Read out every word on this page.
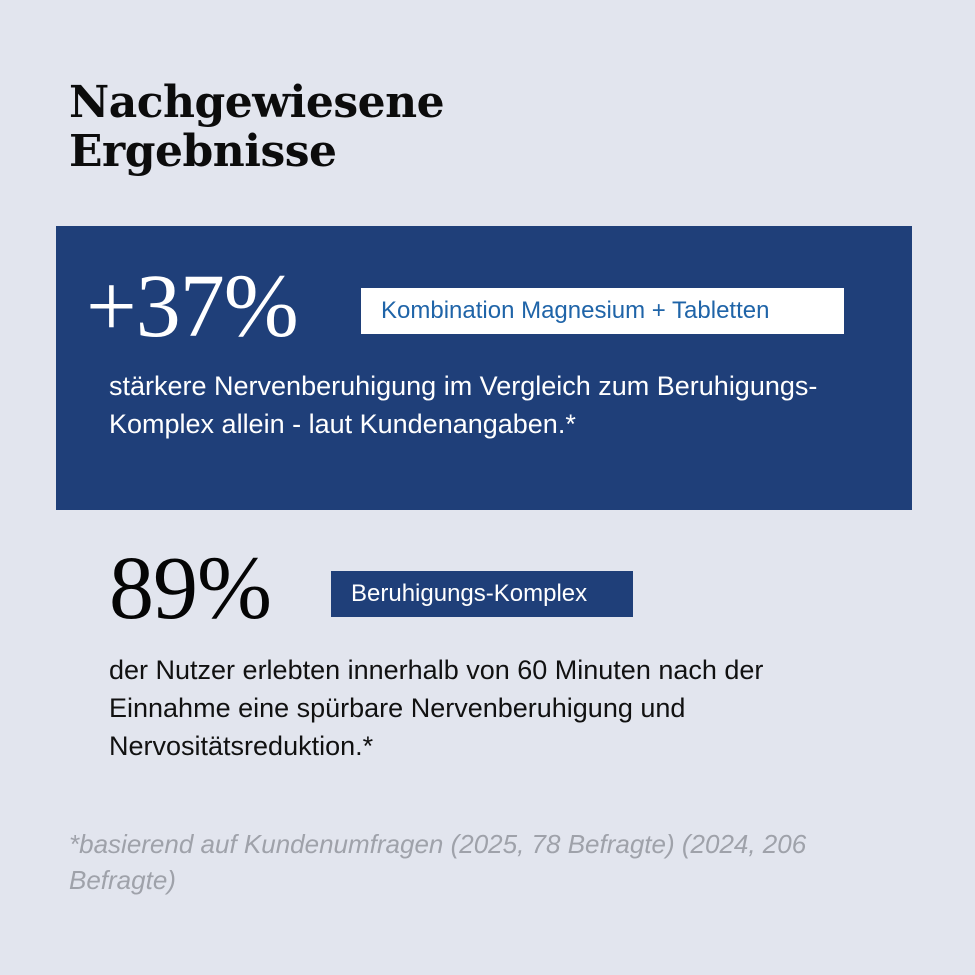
Nachgewiesene Ergebnisse
+37%	Kombination Magnesium + Tabletten

stärkere Nervenberuhigung im Vergleich zum Beruhigungs-Komplex allein - laut Kundenangaben.*

89%	Beruhigungs-Komplex

der Nutzer erlebten innerhalb von 60 Minuten nach der Einnahme eine spürbare Nervenberuhigung und Nervositätsreduktion.*

*basierend auf Kundenumfragen (2025, 78 Befragte) (2024, 206 Befragte)
